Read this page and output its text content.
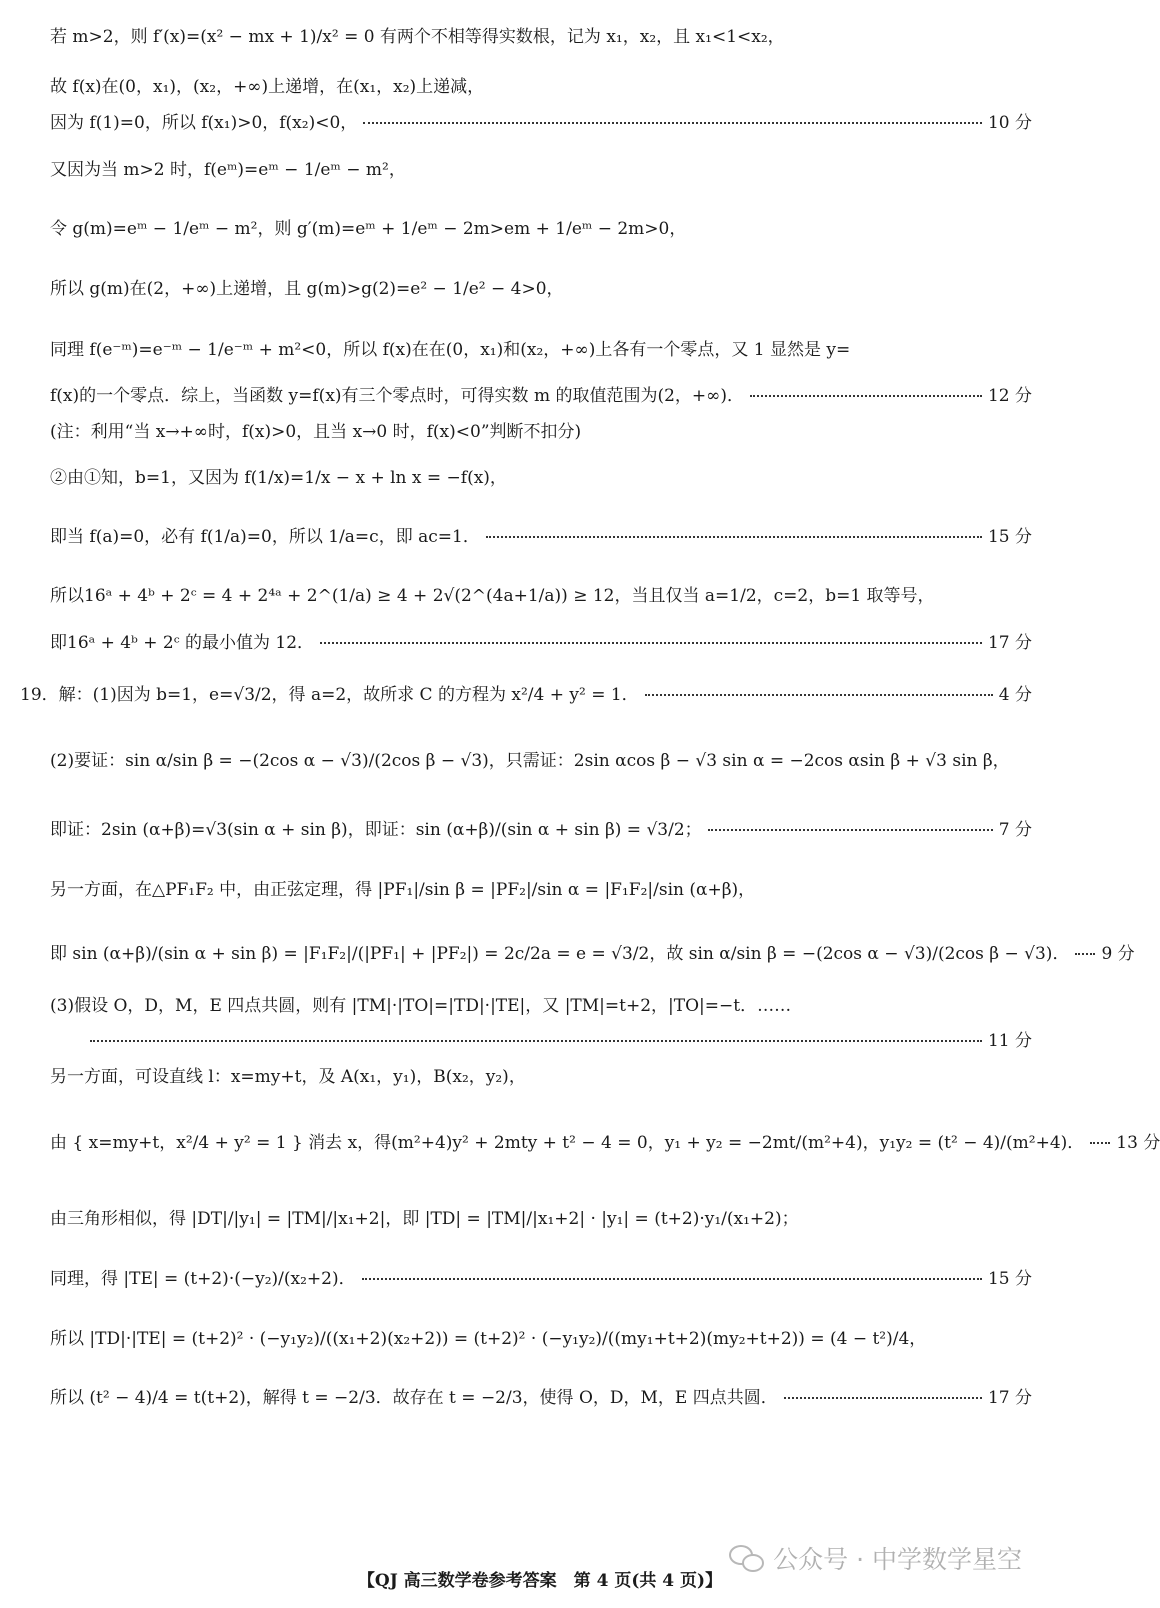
若 m>2，则 f′(x)=(x² − mx + 1)/x² = 0 有两个不相等得实数根，记为 x₁，x₂，且 x₁<1<x₂，
故 f(x)在(0，x₁)，(x₂，+∞)上递增，在(x₁，x₂)上递减，
因为 f(1)=0，所以 f(x₁)>0，f(x₂)<0，	10 分
又因为当 m>2 时，f(eᵐ)=eᵐ − 1/eᵐ − m²，
令 g(m)=eᵐ − 1/eᵐ − m²，则 g′(m)=eᵐ + 1/eᵐ − 2m>em + 1/eᵐ − 2m>0，
所以 g(m)在(2，+∞)上递增，且 g(m)>g(2)=e² − 1/e² − 4>0，
同理 f(e⁻ᵐ)=e⁻ᵐ − 1/e⁻ᵐ + m²<0，所以 f(x)在在(0，x₁)和(x₂，+∞)上各有一个零点，又 1 显然是 y=
f(x)的一个零点．综上，当函数 y=f(x)有三个零点时，可得实数 m 的取值范围为(2，+∞)．	12 分
(注：利用“当 x→+∞时，f(x)>0，且当 x→0 时，f(x)<0”判断不扣分)
②由①知，b=1，又因为 f(1/x)=1/x − x + ln x = −f(x)，
即当 f(a)=0，必有 f(1/a)=0，所以 1/a=c，即 ac=1．	15 分
所以16ᵃ + 4ᵇ + 2ᶜ = 4 + 2⁴ᵃ + 2^(1/a) ≥ 4 + 2√(2^(4a+1/a)) ≥ 12，当且仅当 a=1/2，c=2，b=1 取等号，
即16ᵃ + 4ᵇ + 2ᶜ 的最小值为 12．	17 分
19．解：(1)因为 b=1，e=√3/2，得 a=2，故所求 C 的方程为 x²/4 + y² = 1．	4 分
(2)要证：sin α/sin β = −(2cos α − √3)/(2cos β − √3)，只需证：2sin αcos β − √3 sin α = −2cos αsin β + √3 sin β，
即证：2sin (α+β)=√3(sin α + sin β)，即证：sin (α+β)/(sin α + sin β) = √3/2；	7 分
另一方面，在△PF₁F₂ 中，由正弦定理，得 |PF₁|/sin β = |PF₂|/sin α = |F₁F₂|/sin (α+β)，
即 sin (α+β)/(sin α + sin β) = |F₁F₂|/(|PF₁| + |PF₂|) = 2c/2a = e = √3/2，故 sin α/sin β = −(2cos α − √3)/(2cos β − √3)． 9 分
(3)假设 O，D，M，E 四点共圆，则有 |TM|·|TO|=|TD|·|TE|，又 |TM|=t+2，|TO|=−t．……
11 分
另一方面，可设直线 l：x=my+t，及 A(x₁，y₁)，B(x₂，y₂)，
由 { x=my+t，x²/4 + y² = 1 } 消去 x，得(m²+4)y² + 2mty + t² − 4 = 0，y₁ + y₂ = −2mt/(m²+4)，y₁y₂ = (t² − 4)/(m²+4)． 13 分
由三角形相似，得 |DT|/|y₁| = |TM|/|x₁+2|，即 |TD| = |TM|/|x₁+2| · |y₁| = (t+2)·y₁/(x₁+2)；
同理，得 |TE| = (t+2)·(−y₂)/(x₂+2)．	15 分
所以 |TD|·|TE| = (t+2)² · (−y₁y₂)/((x₁+2)(x₂+2)) = (t+2)² · (−y₁y₂)/((my₁+t+2)(my₂+t+2)) = (4 − t²)/4，
所以 (t² − 4)/4 = t(t+2)，解得 t = −2/3．故存在 t = −2/3，使得 O，D，M，E 四点共圆．	17 分
公众号 · 中学数学星空
【QJ 高三数学卷参考答案　第 4 页(共 4 页)】
